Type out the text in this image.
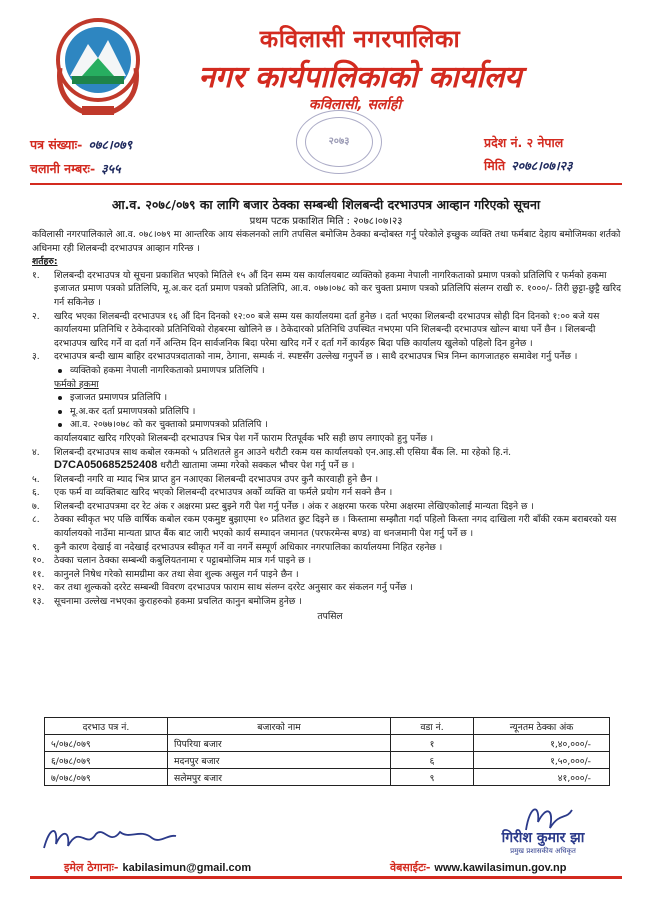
कविलासी नगरपालिका
नगर कार्यपालिकाको कार्यालय
कविलासी, सर्लाही
२०७३
पत्र संख्याः- ०७८।०७९
चलानी नम्बरः- ३५५
प्रदेश नं. २ नेपाल
मिति २०७८।०७।२३
आ.व. २०७८/०७९ का लागि बजार ठेक्का सम्बन्धी शिलबन्दी दरभाउपत्र आव्हान गरिएको सूचना
प्रथम पटक प्रकाशित मिति : २०७८।०७।२३

कविलासी नगरपालिकाले आ.व. ०७८।०७९ मा आन्तरिक आय संकलनको लागि तपसिल बमोजिम ठेक्का बन्दोबस्त गर्नु परेकोले इच्छुक व्यक्ति तथा फर्मबाट देहाय बमोजिमका शर्तको अधिनमा रही शिलबन्दी दरभाउपत्र आव्हान गरिन्छ ।

शर्तहरु:

१.	शिलबन्दी दरभाउपत्र यो सूचना प्रकाशित भएको मितिले १५ औं दिन सम्म यस कार्यालयबाट व्यक्तिको हकमा नेपाली नागरिकताको प्रमाण पत्रको प्रतिलिपि र फर्मको हकमा इजाजत प्रमाण पत्रको प्रतिलिपि, मू.अ.कर दर्ता प्रमाण पत्रको प्रतिलिपि, आ.व. ०७७।०७८ को कर चुक्ता प्रमाण पत्रको प्रतिलिपि संलग्न राखी रु. १०००/- तिरी छुट्टा-छुट्टै खरिद गर्न सकिनेछ ।
२.	खरिद भएका शिलबन्दी दरभाउपत्र १६ औं दिन दिनको १२:०० बजे सम्म यस कार्यालयमा दर्ता हुनेछ । दर्ता भएका शिलबन्दी दरभाउपत्र सोही दिन दिनको १:०० बजे यस कार्यालयमा प्रतिनिधि र ठेकेदारको प्रतिनिधिको रोहबरमा खोलिने छ । ठेकेदारको प्रतिनिधि उपस्थित नभएमा पनि शिलबन्दी दरभाउपत्र खोल्न बाधा पर्ने छैन । शिलबन्दी दरभाउपत्र खरिद गर्ने वा दर्ता गर्ने अन्तिम दिन सार्वजनिक बिदा परेमा खरिद गर्ने र दर्ता गर्ने कार्यहरु बिदा पछि कार्यालय खुलेको पहिलो दिन हुनेछ ।
३.	दरभाउपत्र बन्दी खाम बाहिर दरभाउपत्रदाताको नाम, ठेगाना, सम्पर्क नं. स्पष्टसँग उल्लेख गनुपर्ने छ । साथै दरभाउपत्र भित्र निम्न कागजातहरु समावेश गर्नु पर्नेछ ।
व्यक्तिको हकमा नेपाली नागरिकताको प्रमाणपत्र प्रतिलिपि ।
फर्मको हकमा
इजाजत प्रमाणपत्र प्रतिलिपि ।
मू.अ.कर दर्ता प्रमाणपत्रको प्रतिलिपि ।
आ.व. २०७७।०७८ को कर चुक्ताको प्रमाणपत्रको प्रतिलिपि ।
कार्यालयबाट खरिद गरिएको शिलबन्दी दरभाउपत्र भित्र पेश गर्ने फाराम रितपूर्वक भरि सही छाप लगाएको हुनु पर्नेछ ।
४.	शिलबन्दी दरभाउपत्र साथ कबोल रकमको ५ प्रतिशतले हुन आउने धरौटी रकम यस कार्यालयको एन.आइ.सी एसिया बैंक लि. मा रहेको हि.नं.
D7CA050685252408 धरौटी खातामा जम्मा गरेको सक्कल भौचर पेश गर्नु पर्ने छ ।
५.	शिलबन्दी नगरि वा म्याद भित्र प्राप्त हुन नआएका शिलबन्दी दरभाउपत्र उपर कुनै कारवाही हुने छैन ।
६.	एक फर्म वा व्यक्तिबाट खरिद भएको शिलबन्दी दरभाउपत्र अर्को व्यक्ति वा फर्मले प्रयोग गर्न सक्ने छैन ।
७.	शिलबन्दी दरभाउपत्रमा दर रेट अंक र अक्षरमा प्रस्ट बुझ्ने गरी पेश गर्नु पर्नेछ । अंक र अक्षरमा फरक परेमा अक्षरमा लेखिएकोलाई मान्यता दिइने छ ।
८.	ठेक्का स्वीकृत भए पछि वार्षिक कबोल रकम एकमुष्ट बुझाएमा १० प्रतिशत छुट दिइने छ । किस्तामा सम्झौता गर्दा पहिलो किस्ता नगद दाखिला गरी बाँकी रकम बराबरको यस कार्यालयको नाउँमा मान्यता प्राप्त बैंक बाट जारी भएको कार्य सम्पादन जमानत (परफरमेन्स बण्ड) वा धनजमानी पेश गर्नु पर्ने छ ।
९.	कुनै कारण देखाई वा नदेखाई दरभाउपत्र स्वीकृत गर्ने वा नगर्ने सम्पूर्ण अधिकार नगरपालिका कार्यालयमा निहित रहनेछ ।
१०.	ठेक्का चलान ठेक्का सम्बन्धी कबुलियतनामा र पट्टाबमोजिम मात्र गर्न पाइने छ ।
११.	कानुनले निषेध गरेको सामग्रीमा कर तथा सेवा शुल्क असुल गर्न पाइने छैन ।
१२.	कर तथा शुल्कको दररेट सम्बन्धी विवरण दरभाउपत्र फाराम साथ संलग्न दररेट अनुसार कर संकलन गर्नु पर्नेछ ।
१३.	सूचनामा उल्लेख नभएका कुराहरुको हकमा प्रचलित कानुन बमोजिम हुनेछ ।
तपसिल
दरभाउ पत्र नं.	बजारको नाम	वडा नं.	न्यूनतम ठेक्का अंक
५/०७८/०७९	पिपरिया बजार	१	१,४०,०००/-
६/०७८/०७९	मदनपुर बजार	६	१,५०,०००/-
७/०७८/०७९	सलेमपुर बजार	९	४१,०००/-
गिरीश कुमार झा
प्रमुख प्रशासकीय अधिकृत
इमेल ठेगानाः- kabilasimun@gmail.com	वेबसाईटः- www.kawilasimun.gov.np
